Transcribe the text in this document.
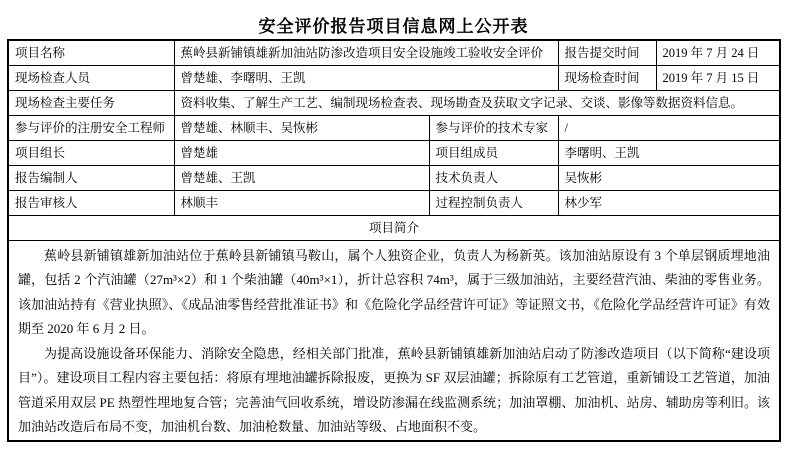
安全评价报告项目信息网上公开表
项目名称	蕉岭县新铺镇雄新加油站防渗改造项目安全设施竣工验收安全评价		报告提交时间	2019 年 7 月 24 日
现场检查人员	曾楚雄、李曙明、王凯		现场检查时间	2019 年 7 月 15 日
现场检查主要任务	资料收集、了解生产工艺、编制现场检查表、现场勘查及获取文字记录、交谈、影像等数据资料信息。			
参与评价的注册安全工程师	曾楚雄、林顺丰、吴恢彬	参与评价的技术专家	/	
项目组长	曾楚雄	项目组成员	李曙明、王凯	
报告编制人	曾楚雄、王凯	技术负责人	吴恢彬	
报告审核人	林顺丰	过程控制负责人	林少军	
项目简介				

蕉岭县新铺镇雄新加油站位于蕉岭县新铺镇马鞍山，属个人独资企业，负责人为杨新英。该加油站原设有 3 个单层钢质埋地油罐，包括 2 个汽油罐（27m³×2）和 1 个柴油罐（40m³×1），折计总容积 74m³，属于三级加油站，主要经营汽油、柴油的零售业务。该加油站持有《营业执照》、《成品油零售经营批准证书》和《危险化学品经营许可证》等证照文书，《危险化学品经营许可证》有效期至 2020 年 6 月 2 日。

为提高设施设备环保能力、消除安全隐患，经相关部门批准，蕉岭县新铺镇雄新加油站启动了防渗改造项目（以下简称“建设项目”）。建设项目工程内容主要包括：将原有埋地油罐拆除报废，更换为 SF 双层油罐；拆除原有工艺管道，重新铺设工艺管道，加油管道采用双层 PE 热塑性埋地复合管；完善油气回收系统，增设防渗漏在线监测系统；加油罩棚、加油机、站房、辅助房等利旧。该加油站改造后布局不变，加油机台数、加油枪数量、加油站等级、占地面积不变。				
